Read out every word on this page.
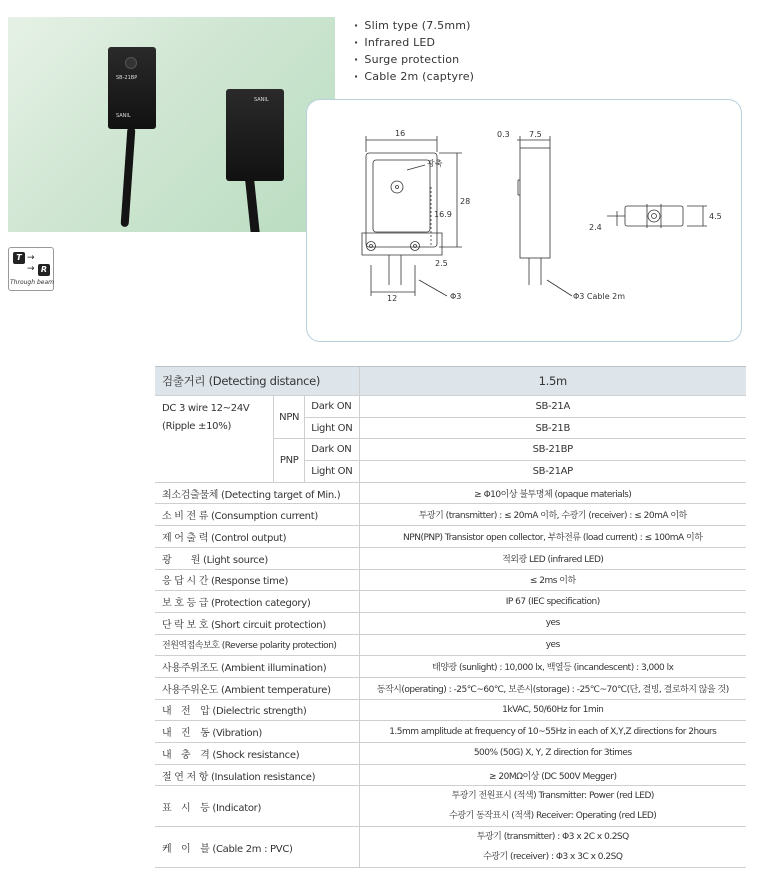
SB-21BP
SANIL
SANIL
T →
→ R
Through beam
· Slim type (7.5mm)
· Infrared LED
· Surge protection
· Cable 2m (captyre)
16
광축
16.9
28
12
2.5
Φ3
0.3 7.5
Φ3 Cable 2m
2.4
4.5
검출거리 (Detecting distance)			1.5m
DC 3 wire 12~24V (Ripple ±10%)	NPN	Dark ON	SB-21A
		Light ON	SB-21B
	PNP	Dark ON	SB-21BP
		Light ON	SB-21AP
최소검출물체 (Detecting target of Min.)			≥ Φ10이상 불투명체 (opaque materials)
소 비 전 류 (Consumption current)			투광기 (transmitter) : ≤ 20mA 이하, 수광기 (receiver) : ≤ 20mA 이하
제 어 출 력 (Control output)			NPN(PNP) Transistor open collector, 부하전류 (load current) : ≤ 100mA 이하
광　　원 (Light source)			적외광 LED (infrared LED)
응 답 시 간 (Response time)			≤ 2ms 이하
보 호 등 급 (Protection category)			IP 67 (IEC specification)
단 락 보 호 (Short circuit protection)			yes
전원역접속보호 (Reverse polarity protection)			yes
사용주위조도 (Ambient illumination)			태양광 (sunlight) : 10,000 lx, 백열등 (incandescent) : 3,000 lx
사용주위온도 (Ambient temperature)			동작시(operating) : -25℃~60℃, 보존시(storage) : -25℃~70℃(단, 결빙, 결로하지 않을 것)
내　전　압 (Dielectric strength)			1kVAC, 50/60Hz for 1min
내　진　동 (Vibration)			1.5mm amplitude at frequency of 10~55Hz in each of X,Y,Z directions for 2hours
내　충　격 (Shock resistance)			500% (50G) X, Y, Z direction for 3times
절 연 저 항 (Insulation resistance)			≥ 20MΩ이상 (DC 500V Megger)
표　시　등 (Indicator)			투광기 전원표시 (적색) Transmitter: Power (red LED)
수광기 동작표시 (적색) Receiver: Operating (red LED)

케　이　블 (Cable 2m : PVC)			투광기 (transmitter) : Φ3 x 2C x 0.2SQ
수광기 (receiver) : Φ3 x 3C x 0.2SQ
